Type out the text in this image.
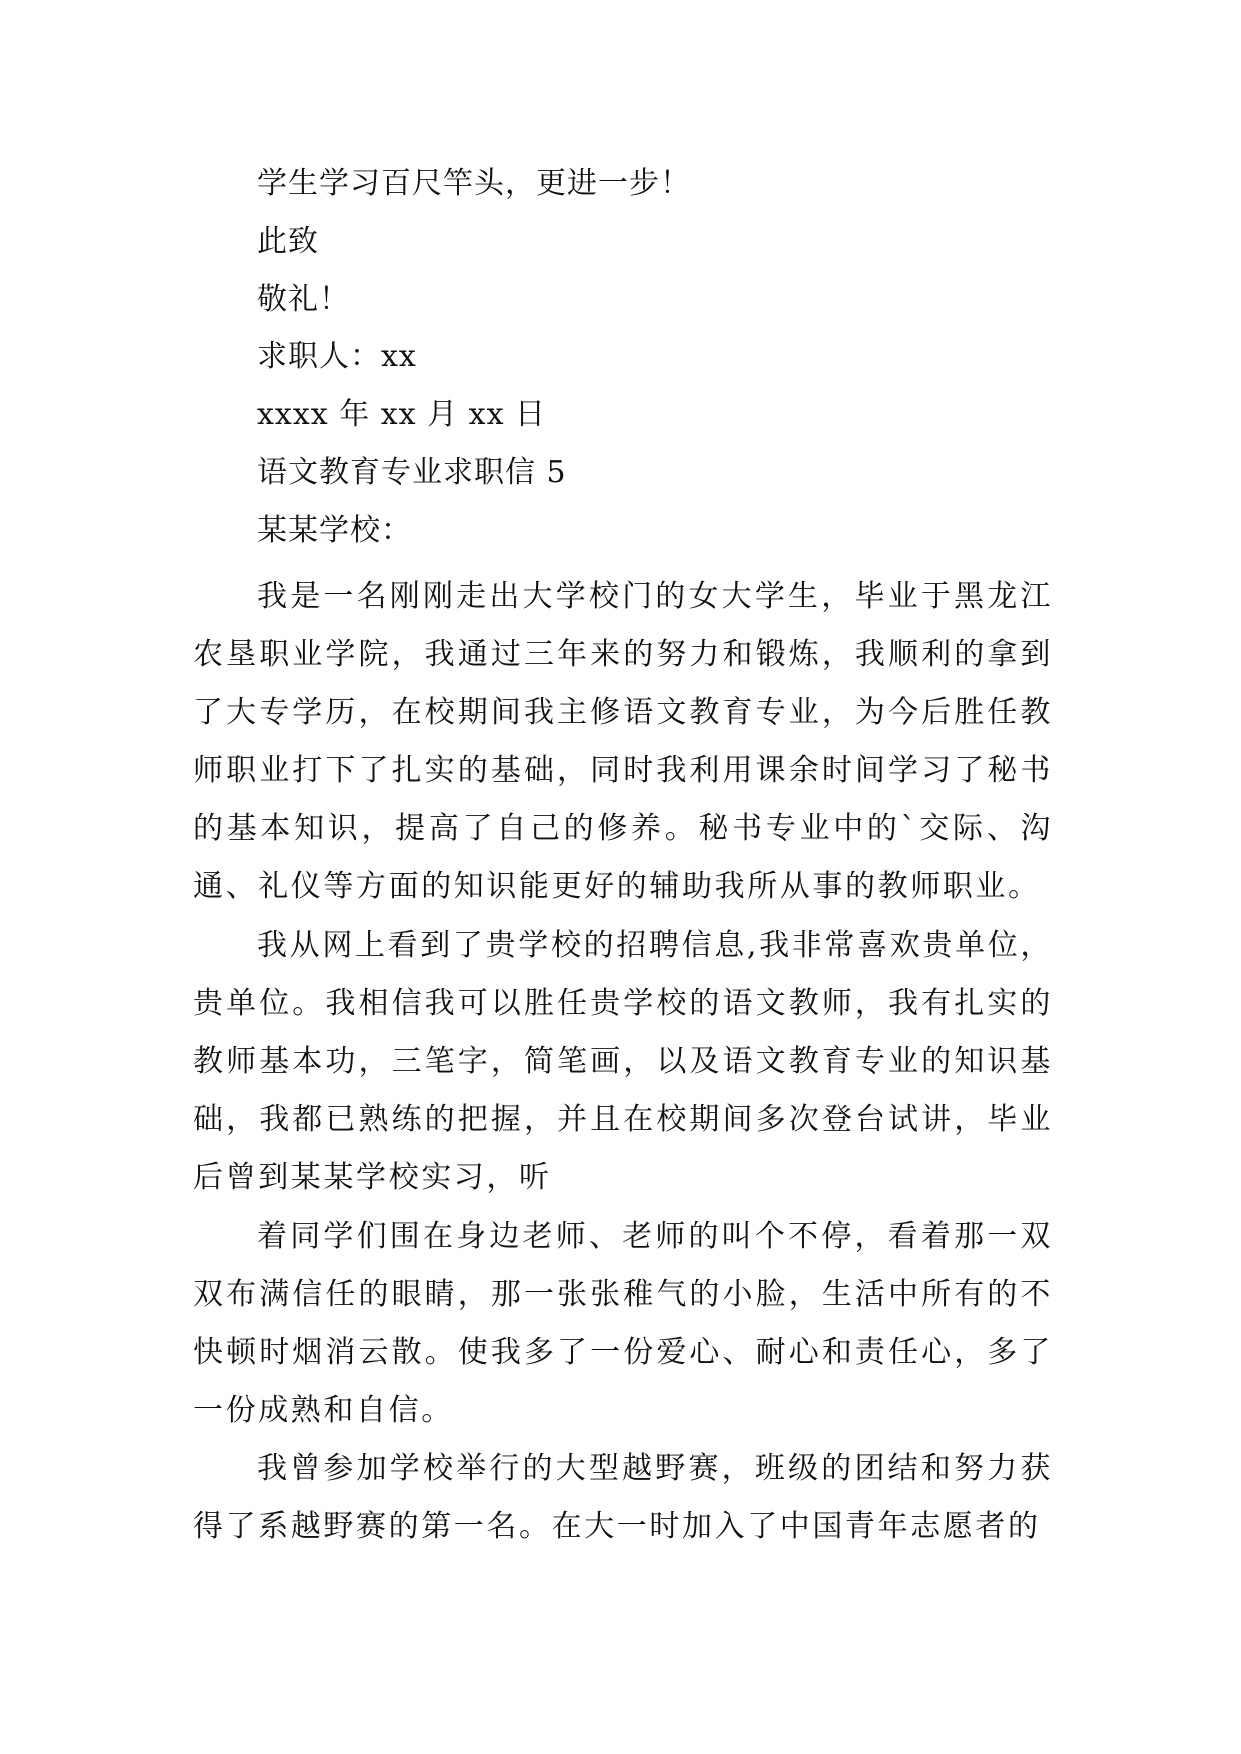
学生学习百尺竿头，更进一步！
此致
敬礼！
求职人：xx
xxxx 年 xx 月 xx 日
语文教育专业求职信 5
某某学校：

我是一名刚刚走出大学校门的女大学生，毕业于黑龙江农垦职业学院，我通过三年来的努力和锻炼，我顺利的拿到了大专学历，在校期间我主修语文教育专业，为今后胜任教师职业打下了扎实的基础，同时我利用课余时间学习了秘书的基本知识，提高了自己的修养。秘书专业中的`交际、沟通、礼仪等方面的知识能更好的辅助我所从事的教师职业。

我从网上看到了贵学校的招聘信息,我非常喜欢贵单位，贵单位。我相信我可以胜任贵学校的语文教师，我有扎实的教师基本功，三笔字，简笔画，以及语文教育专业的知识基础，我都已熟练的把握，并且在校期间多次登台试讲，毕业后曾到某某学校实习，听

着同学们围在身边老师、老师的叫个不停，看着那一双双布满信任的眼睛，那一张张稚气的小脸，生活中所有的不快顿时烟消云散。使我多了一份爱心、耐心和责任心，多了一份成熟和自信。

我曾参加学校举行的大型越野赛，班级的团结和努力获得了系越野赛的第一名。在大一时加入了中国青年志愿者的
